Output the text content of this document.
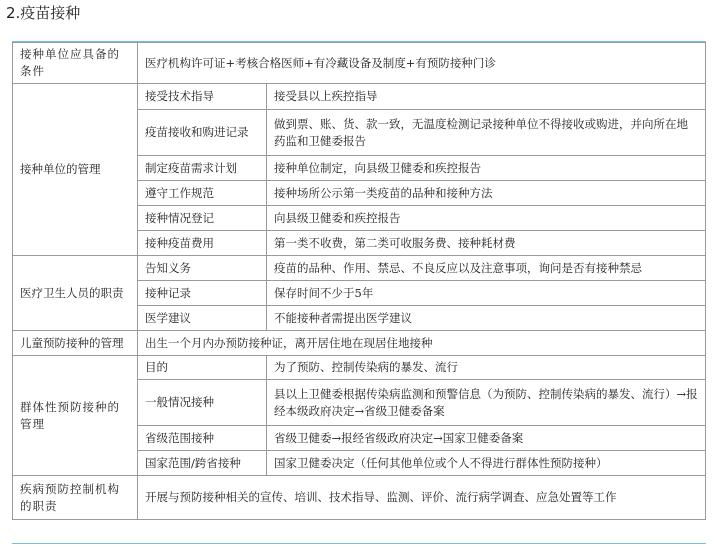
2.疫苗接种
接种单位应具备的条件	医疗机构许可证+考核合格医师+有冷藏设备及制度+有预防接种门诊	
接种单位的管理	接受技术指导	接受县以上疾控指导
	疫苗接收和购进记录	做到票、账、货、款一致，无温度检测记录接种单位不得接收或购进，并向所在地药监和卫健委报告
	制定疫苗需求计划	接种单位制定，向县级卫健委和疾控报告
	遵守工作规范	接种场所公示第一类疫苗的品种和接种方法
	接种情况登记	向县级卫健委和疾控报告
	接种疫苗费用	第一类不收费，第二类可收服务费、接种耗材费
医疗卫生人员的职责	告知义务	疫苗的品种、作用、禁忌、不良反应以及注意事项，询问是否有接种禁忌
	接种记录	保存时间不少于5年
	医学建议	不能接种者需提出医学建议
儿童预防接种的管理	出生一个月内办预防接种证，离开居住地在现居住地接种	
群体性预防接种的管理	目的	为了预防、控制传染病的暴发、流行
	一般情况接种	县以上卫健委根据传染病监测和预警信息（为预防、控制传染病的暴发、流行）→报经本级政府决定→省级卫健委备案
	省级范围接种	省级卫健委→报经省级政府决定→国家卫健委备案
	国家范围/跨省接种	国家卫健委决定（任何其他单位或个人不得进行群体性预防接种）
疾病预防控制机构的职责	开展与预防接种相关的宣传、培训、技术指导、监测、评价、流行病学调查、应急处置等工作	
